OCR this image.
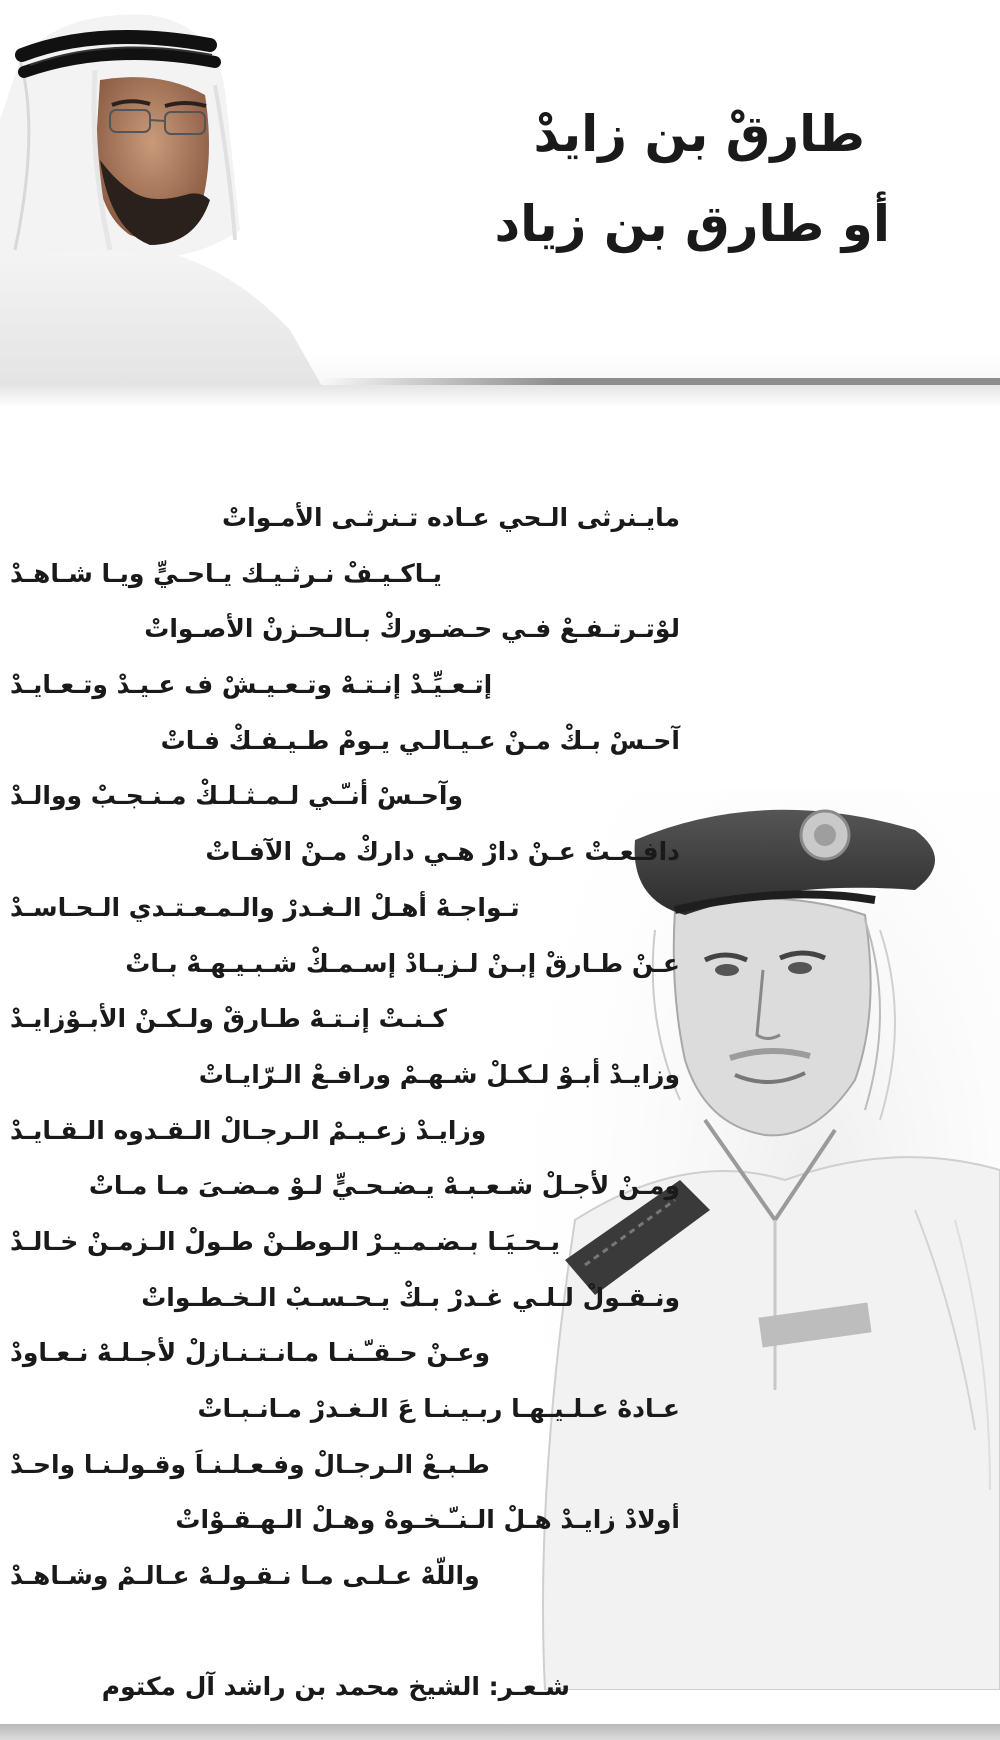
طارقْ بن زايدْ
أو طارق بن زياد
مايـنرثى الـحي عـاده تـنرثـى الأمـواتْ
يـاكـيـفْ نـرثـيـك يـاحـيٍّ ويـا شـاهـدْ
لوْتـرتـفـعْ فـي حـضـوركْ بـالـحـزنْ الأصـواتْ
إتـعـيِّـدْ إنـتـهْ وتـعـيـشْ ف عـيـدْ وتـعـايـدْ
آحـسْ بـكْ مـنْ عـيـالـي يـومْ طـيـفـكْ فـاتْ
وآحـسْ أنـّـي لـمـثـلـكْ مـنـجـبْ ووالـدْ
دافـعـتْ عـنْ دارْ هـي داركْ مـنْ الآفـاتْ
تـواجـهْ أهـلْ الـغـدرْ والـمـعـتـدي الـحـاسـدْ
عـنْ طـارقْ إبـنْ لـزيـادْ إسـمـكْ شـبـيـهـهْ بـاتْ
كـنـتْ إنـتـهْ طـارقْ ولـكـنْ الأبـوْزايـدْ
وزايـدْ أبـوْ لـكـلْ شـهـمْ ورافـعْ الـرّايـاتْ
وزايـدْ زعـيـمْ الـرجـالْ الـقـدوه الـقـايـدْ
ومـنْ لأجـلْ شـعـبـهْ يـضـحـيٍّ لـوْ مـضـىَ مـا مـاتْ
يـحـيَـا بـضـمـيـرْ الـوطـنْ طـولْ الـزمـنْ خـالـدْ
ونـقـولْ لـلـي غـدرْ بـكْ يـحـسـبْ الـخـطـواتْ
وعـنْ حـقـّـنـا مـانـتـنـازلْ لأجـلـهْ نـعـاودْ
عـادهْ عـلـيـهـا ربـيـنـا عَ الـغـدرْ مـانـبـاتْ
طـبـعْ الـرجـالْ وفـعـلـنـاَ وقـولـنـا واحـدْ
أولادْ زايـدْ هـلْ الـنـّـخـوهْ وهـلْ الـهـقـوْاتْ
واللّهْ عـلـى مـا نـقـولـهْ عـالـمْ وشـاهـدْ
شـعـر: الشيخ محمد بن راشد آل مكتوم
